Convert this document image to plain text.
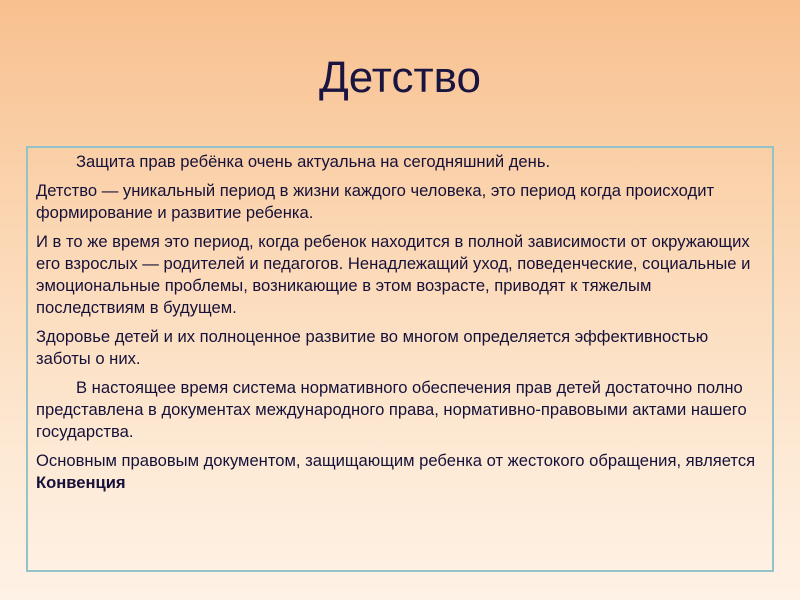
Детство

Защита прав ребёнка очень актуальна на сегодняшний день.

Детство — уникальный период в жизни каждого человека, это период когда происходит формирование и развитие ребенка.

И в то же время это период, когда ребенок находится в полной зависимости от окружающих его взрослых — родителей и педагогов. Ненадлежащий уход, поведенческие, социальные и эмоциональные проблемы, возникающие в этом возрасте, приводят к тяжелым последствиям в будущем.

Здоровье детей и их полноценное развитие во многом определяется эффективностью заботы о них.

В настоящее время система нормативного обеспечения прав детей достаточно полно представлена в документах международного права, нормативно-правовыми актами нашего государства.

Основным правовым документом, защищающим ребенка от жестокого обращения, является Конвенция
